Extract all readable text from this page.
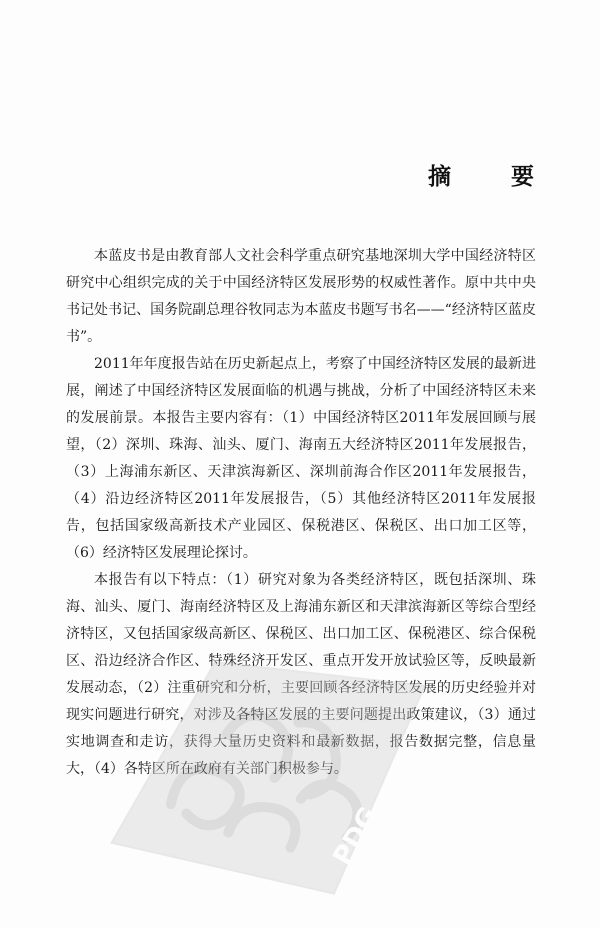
摘 要

本蓝皮书是由教育部人文社会科学重点研究基地深圳大学中国经济特区研究中心组织完成的关于中国经济特区发展形势的权威性著作。原中共中央书记处书记、国务院副总理谷牧同志为本蓝皮书题写书名——“经济特区蓝皮书”。

2011年年度报告站在历史新起点上，考察了中国经济特区发展的最新进展，阐述了中国经济特区发展面临的机遇与挑战，分析了中国经济特区未来的发展前景。本报告主要内容有：（1）中国经济特区2011年发展回顾与展望，（2）深圳、珠海、汕头、厦门、海南五大经济特区2011年发展报告，（3）上海浦东新区、天津滨海新区、深圳前海合作区2011年发展报告，（4）沿边经济特区2011年发展报告，（5）其他经济特区2011年发展报告，包括国家级高新技术产业园区、保税港区、保税区、出口加工区等，（6）经济特区发展理论探讨。

本报告有以下特点：（1）研究对象为各类经济特区，既包括深圳、珠海、汕头、厦门、海南经济特区及上海浦东新区和天津滨海新区等综合型经济特区，又包括国家级高新区、保税区、出口加工区、保税港区、综合保税区、沿边经济合作区、特殊经济开发区、重点开发开放试验区等，反映最新发展动态，（2）注重研究和分析，主要回顾各经济特区发展的历史经验并对现实问题进行研究，对涉及各特区发展的主要问题提出政策建议，（3）通过实地调查和走访，获得大量历史资料和最新数据，报告数据完整，信息量大，（4）各特区所在政府有关部门积极参与。

PDG
